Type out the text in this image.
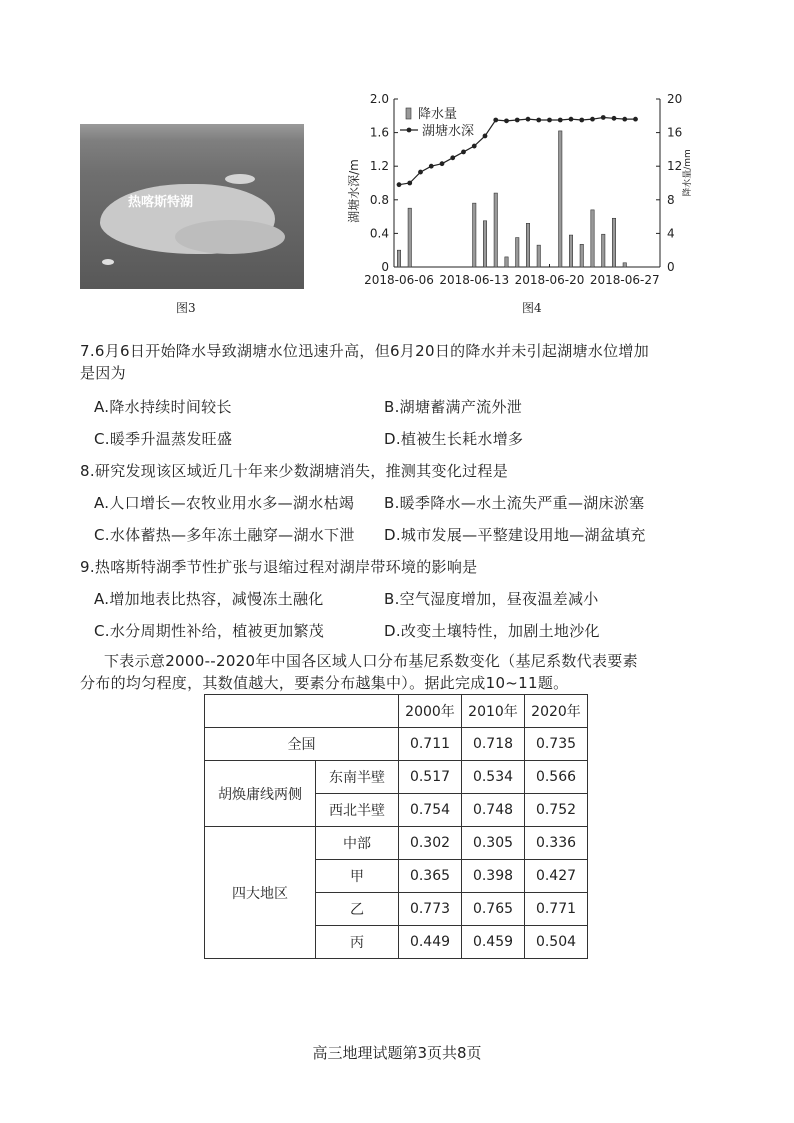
热喀斯特湖
图3
0
0.4
0.8
1.2
1.6
2.0
0
4
8
12
16
20
湖塘水深/m	降水量/mm
2018-06-06 2018-06-13 2018-06-20 2018-06-27
降水量
湖塘水深
图4
7.6月6日开始降水导致湖塘水位迅速升高，但6月20日的降水并未引起湖塘水位增加
是因为
A.降水持续时间较长	B.湖塘蓄满产流外泄
C.暖季升温蒸发旺盛	D.植被生长耗水增多
8.研究发现该区域近几十年来少数湖塘消失，推测其变化过程是
A.人口增长—农牧业用水多—湖水枯竭 B.暖季降水—水土流失严重—湖床淤塞
C.水体蓄热—多年冻土融穿—湖水下泄 D.城市发展—平整建设用地—湖盆填充
9.热喀斯特湖季节性扩张与退缩过程对湖岸带环境的影响是
A.增加地表比热容，减慢冻土融化	B.空气湿度增加，昼夜温差减小
C.水分周期性补给，植被更加繁茂	D.改变土壤特性，加剧土地沙化
下表示意2000--2020年中国各区域人口分布基尼系数变化（基尼系数代表要素
分布的均匀程度，其数值越大，要素分布越集中）。据此完成10~11题。
		2000年	2010年	2020年
全国		0.711	0.718	0.735
胡焕庸线两侧	东南半壁	0.517	0.534	0.566
	西北半壁	0.754	0.748	0.752
四大地区	中部	0.302	0.305	0.336
	甲	0.365	0.398	0.427
	乙	0.773	0.765	0.771
	丙	0.449	0.459	0.504
高三地理试题第3页共8页
